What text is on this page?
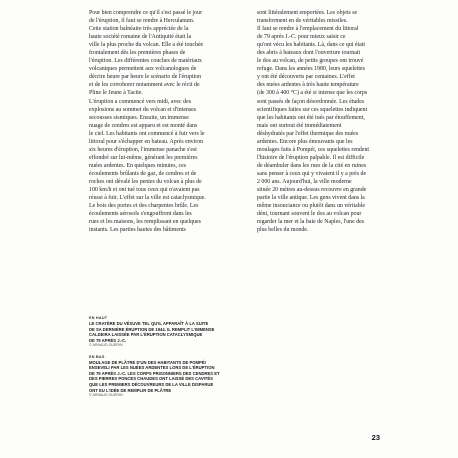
Pour bien comprendre ce qu'il s'est passé le jour

de l'éruption, il faut se rendre à Herculanum.

Cette station balnéaire très appréciée de la

haute société romaine de l'Antiquité était la

ville la plus proche du volcan. Elle a été touchée

frontalement dès les premières phases de

l'éruption. Les différentes couches de matériaux

volcaniques permettent aux volcanologues de

décrire heure par heure le scénario de l'éruption

et de les corroborer notamment avec le récit de

Pline le Jeune à Tacite.

L'éruption a commencé vers midi, avec des

explosions au sommet du volcan et d'intenses

secousses sismiques. Ensuite, un immense

nuage de cendres est apparu et est monté dans

le ciel. Les habitants ont commencé à fuir vers le

littoral pour s'échapper en bateau. Après environ

six heures d'éruption, l'immense panache s'est

effondré sur lui-même, générant les premières

nuées ardentes. En quelques minutes, ces

écoulements brûlants de gaz, de cendres et de

roches ont dévalé les pentes du volcan à plus de

100 km/h et ont tué tous ceux qui n'avaient pas

réussi à fuir. L'effet sur la ville est cataclysmique.

Le bois des portes et des charpentes brûle. Les

écoulements aérosols s'engouffrent dans les

rues et les maisons, les remplissant en quelques

instants. Les parties hautes des bâtiments

sont littéralement emportées. Les objets se

transforment en de véritables missiles.

Il faut se rendre à l'emplacement du littoral

de 79 après J.-C. pour mieux saisir ce

qu'ont vécu les habitants. Là, dans ce qui était

des abris à bateaux dont l'ouverture tournait

le dos au volcan, de petits groupes ont trouvé

refuge. Dans les années 1980, leurs squelettes

y ont été découverts par centaines. L'effet

des nuées ardentes à très haute température

(de 300 à 400 °C) a été si intense que les corps

sont passés de façon désordonnée. Les études

scientifiques faites sur ces squelettes indiquent

que les habitants ont été tués par étouffement,

mais ont surtout été immédiatement

déshydratés par l'effet thermique des nuées

ardentes. Encore plus émouvants que les

moulages faits à Pompéi, ces squelettes rendent

l'histoire de l'éruption palpable. Il est difficile

de déambuler dans les rues de la cité en ruines

sans penser à ceux qui y vivaient il y a près de

2 000 ans. Aujourd'hui, la ville moderne

située 20 mètres au-dessus recouvre en grande

partie la ville antique. Les gens vivent dans la

même insouciance ou plutôt dans un véritable

déni, tournant souvent le dos au volcan pour

regarder la mer et la baie de Naples, l'une des

plus belles du monde.

EN HAUT
LE CRATÈRE DU VÉSUVE TEL QU'IL APPARAÎT À LA SUITE
DE SA DERNIÈRE ÉRUPTION DE 1944. IL REMPLIT L'IMMENSE
CALDEIRA LAISSÉE PAR L'ÉRUPTION CATACLYSMIQUE
DE 79 APRÈS J.-C.
© ARNAUD GUÉRIN
EN BAS
MOULAGE DE PLÂTRE D'UN DES HABITANTS DE POMPÉI
ENSEVELI PAR LES NUÉES ARDENTES LORS DE L'ÉRUPTION
DE 79 APRÈS J.-C. LES CORPS PRISONNIERS DES CENDRES ET
DES PIERRES PONCES CHAUDES ONT LAISSÉ DES CAVITÉS
QUE LES PREMIERS DÉCOUVREURS DE LA VILLE DISPARUE
ONT EU L'IDÉE DE REMPLIR DE PLÂTRE
© ARNAUD GUÉRIN
23
